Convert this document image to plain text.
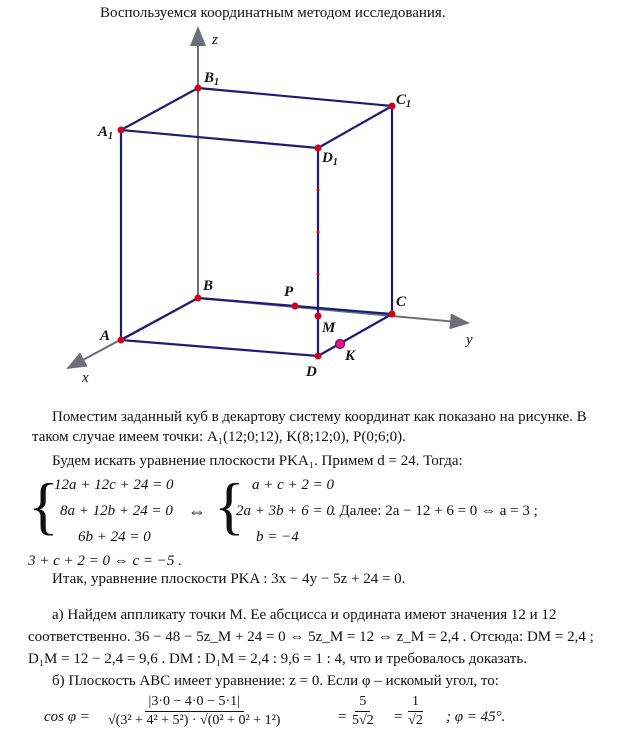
Воспользуемся координатным методом исследования.
z
y
x
$B_1$
$C_1$
$A_1$
$D_1$
B	P
C
A	M
K
D
Поместим заданный куб в декартову систему координат как показано на рисунке. В
таком случае имеем точки: A₁(12;0;12), K(8;12;0), P(0;6;0).
Будем искать уравнение плоскости PKA₁. Примем d = 24. Тогда:
{
12a + 12c + 24 = 0
8a + 12b + 24 = 0
6b + 24 = 0
⇔ { a + c + 2 = 0
2a + 3b + 6 = 0
b = −4
. Далее: 2a − 12 + 6 = 0 ⇔ a = 3 ;
3 + c + 2 = 0 ⇔ c = −5 .
Итак, уравнение плоскости PKA : 3x − 4y − 5z + 24 = 0.
а) Найдем аппликату точки M. Ее абсцисса и ордината имеют значения 12 и 12
соответственно. 36 − 48 − 5z_M + 24 = 0 ⇔ 5z_M = 12 ⇔ z_M = 2,4 . Отсюда: DM = 2,4 ;
D₁M = 12 − 2,4 = 9,6 . DM : D₁M = 2,4 : 9,6 = 1 : 4, что и требовалось доказать.
б) Плоскость ABC имеет уравнение: z = 0. Если φ – искомый угол, то:
$\cos \varphi = \frac{|3\cdot 0 - 4\cdot 0 - 5\cdot 1|}{\text{√(3² + 4² + 5²) · √(0² + 0² + 1²)}}$	= $\frac{5}{5√2} = \frac{1}{√2}$ ; φ = 45°.
